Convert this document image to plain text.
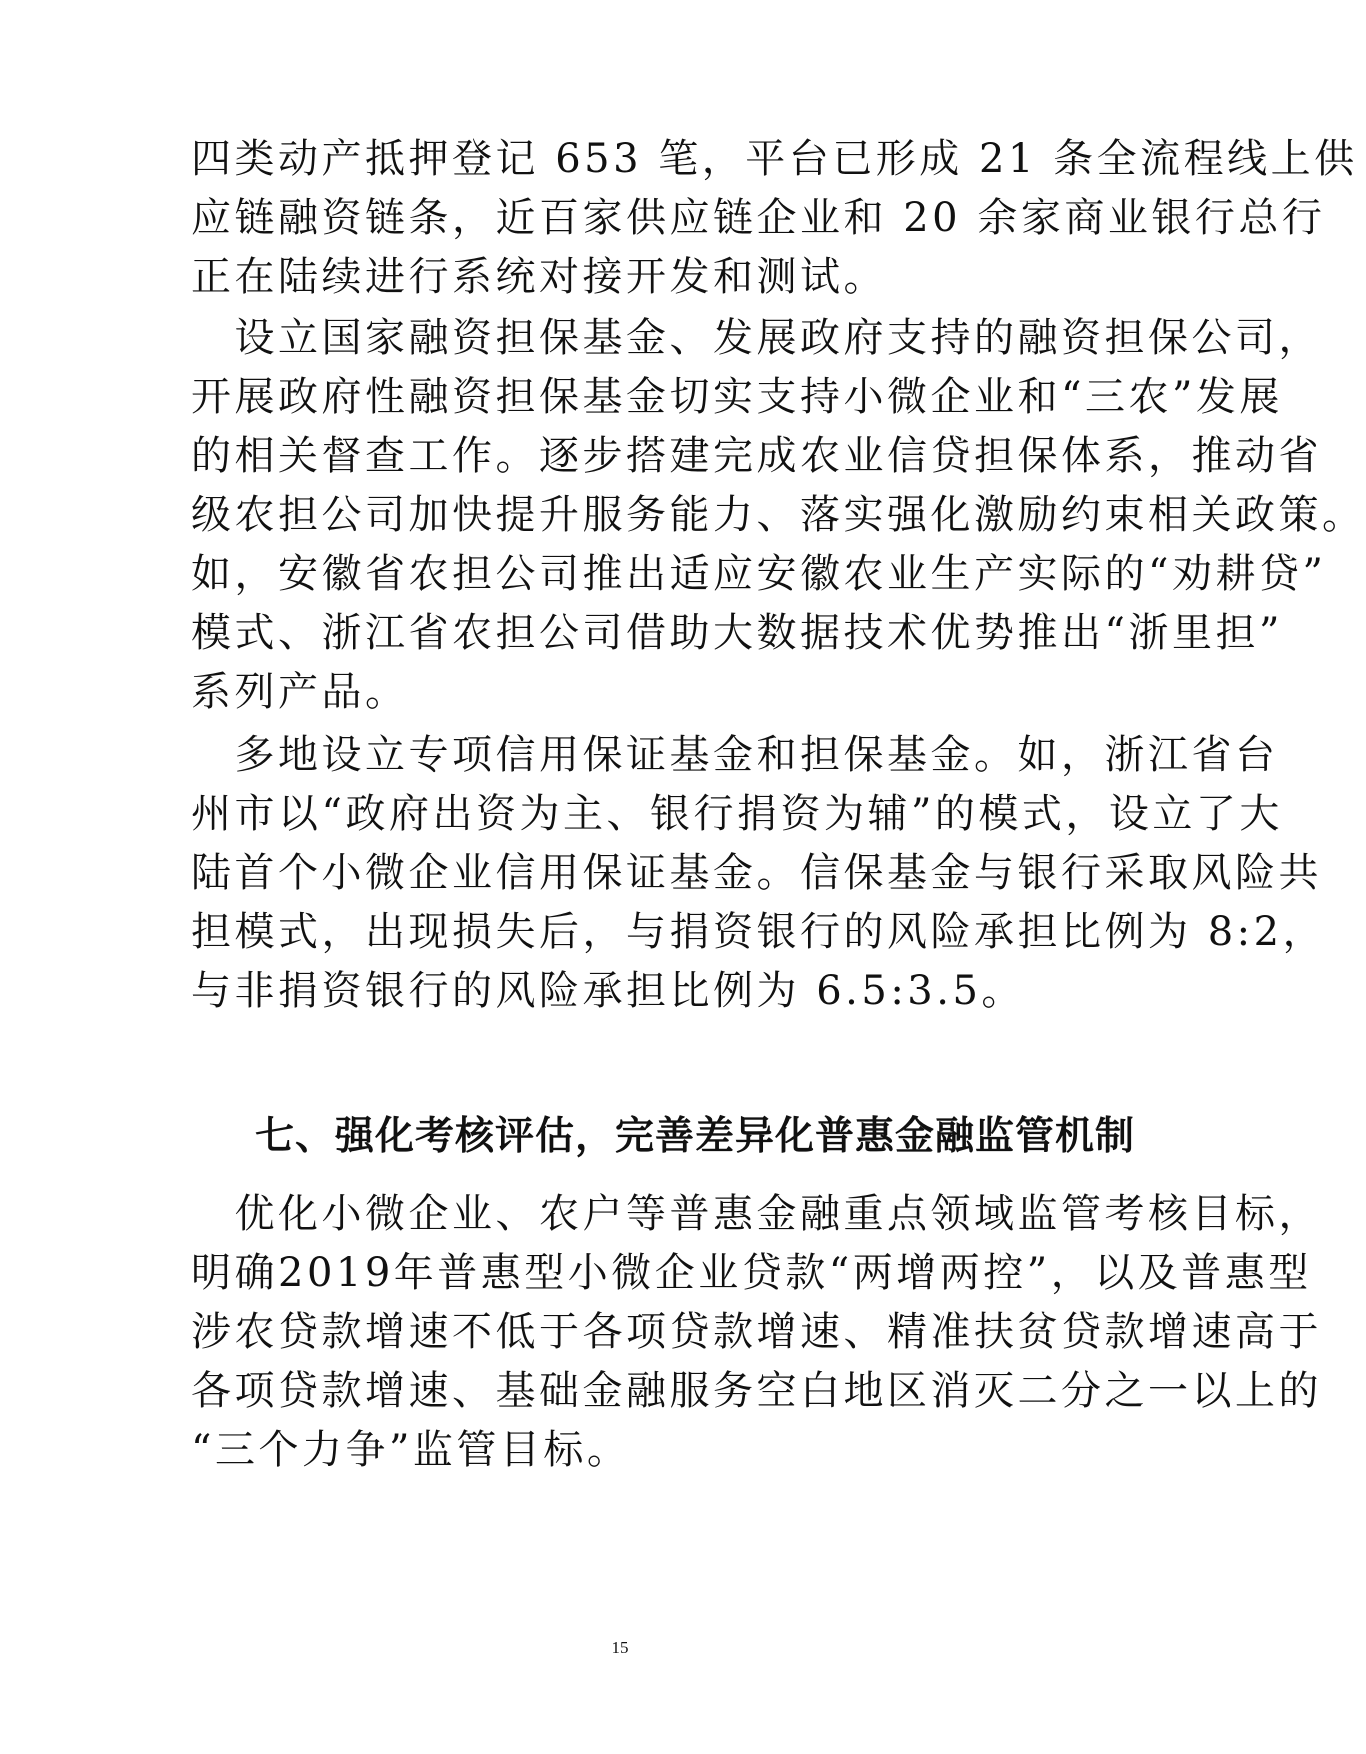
四类动产抵押登记 653 笔，平台已形成 21 条全流程线上供
应链融资链条，近百家供应链企业和 20 余家商业银行总行
正在陆续进行系统对接开发和测试。
　设立国家融资担保基金、发展政府支持的融资担保公司，
开展政府性融资担保基金切实支持小微企业和“三农”发展
的相关督查工作。逐步搭建完成农业信贷担保体系，推动省
级农担公司加快提升服务能力、落实强化激励约束相关政策。
如，安徽省农担公司推出适应安徽农业生产实际的“劝耕贷”
模式、浙江省农担公司借助大数据技术优势推出“浙里担”
系列产品。
　多地设立专项信用保证基金和担保基金。如，浙江省台
州市以“政府出资为主、银行捐资为辅”的模式，设立了大
陆首个小微企业信用保证基金。信保基金与银行采取风险共
担模式，出现损失后，与捐资银行的风险承担比例为 8:2，
与非捐资银行的风险承担比例为 6.5:3.5。
七、强化考核评估，完善差异化普惠金融监管机制
　优化小微企业、农户等普惠金融重点领域监管考核目标，
明确2019年普惠型小微企业贷款“两增两控”，以及普惠型
涉农贷款增速不低于各项贷款增速、精准扶贫贷款增速高于
各项贷款增速、基础金融服务空白地区消灭二分之一以上的
“三个力争”监管目标。
15
